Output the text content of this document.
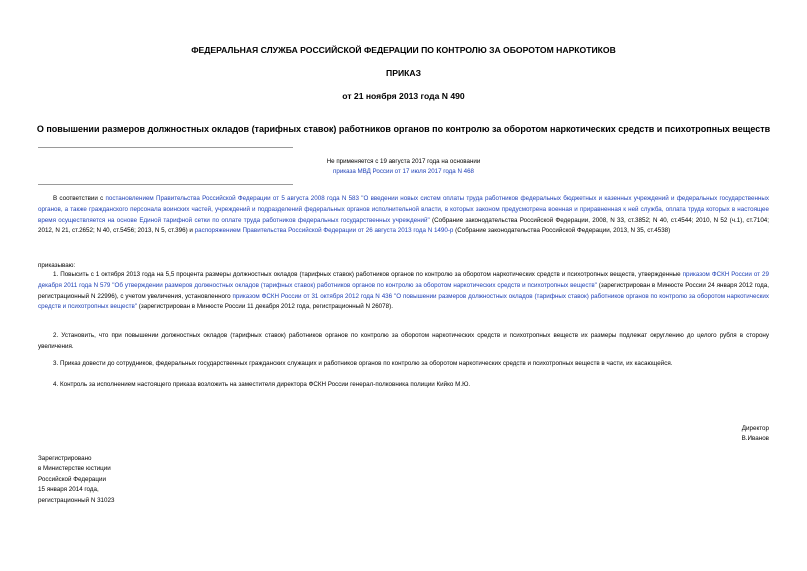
ФЕДЕРАЛЬНАЯ СЛУЖБА РОССИЙСКОЙ ФЕДЕРАЦИИ ПО КОНТРОЛЮ ЗА ОБОРОТОМ НАРКОТИКОВ
ПРИКАЗ
от 21 ноября 2013 года N 490
О повышении размеров должностных окладов (тарифных ставок) работников органов по контролю за оборотом наркотических средств и психотропных веществ
Не применяется с 19 августа 2017 года на основании
приказа МВД России от 17 июля 2017 года N 468
В соответствии с постановлением Правительства Российской Федерации от 5 августа 2008 года N 583 "О введении новых систем оплаты труда работников федеральных бюджетных и казенных учреждений и федеральных государственных органов, а также гражданского персонала воинских частей, учреждений и подразделений федеральных органов исполнительной власти, в которых законом предусмотрена военная и приравненная к ней служба, оплата труда которых в настоящее время осуществляется на основе Единой тарифной сетки по оплате труда работников федеральных государственных учреждений" (Собрание законодательства Российской Федерации, 2008, N 33, ст.3852; N 40, ст.4544; 2010, N 52 (ч.1), ст.7104; 2012, N 21, ст.2652; N 40, ст.5456; 2013, N 5, ст.396) и распоряжением Правительства Российской Федерации от 26 августа 2013 года N 1490-р (Собрание законодательства Российской Федерации, 2013, N 35, ст.4538)
приказываю:
1. Повысить с 1 октября 2013 года на 5,5 процента размеры должностных окладов (тарифных ставок) работников органов по контролю за оборотом наркотических средств и психотропных веществ, утвержденные приказом ФСКН России от 29 декабря 2011 года N 579 "Об утверждении размеров должностных окладов (тарифных ставок) работников органов по контролю за оборотом наркотических средств и психотропных веществ" (зарегистрирован в Минюсте России 24 января 2012 года, регистрационный N 22996), с учетом увеличения, установленного приказом ФСКН России от 31 октября 2012 года N 436 "О повышении размеров должностных окладов (тарифных ставок) работников органов по контролю за оборотом наркотических средств и психотропных веществ" (зарегистрирован в Минюсте России 11 декабря 2012 года, регистрационный N 26078).
2. Установить, что при повышении должностных окладов (тарифных ставок) работников органов по контролю за оборотом наркотических средств и психотропных веществ их размеры подлежат округлению до целого рубля в сторону увеличения.
3. Приказ довести до сотрудников, федеральных государственных гражданских служащих и работников органов по контролю за оборотом наркотических средств и психотропных веществ в части, их касающейся.
4. Контроль за исполнением настоящего приказа возложить на заместителя директора ФСКН России генерал-полковника полиции Кийко М.Ю.
Директор
В.Иванов
Зарегистрировано
в Министерстве юстиции
Российской Федерации
15 января 2014 года,
регистрационный N 31023
